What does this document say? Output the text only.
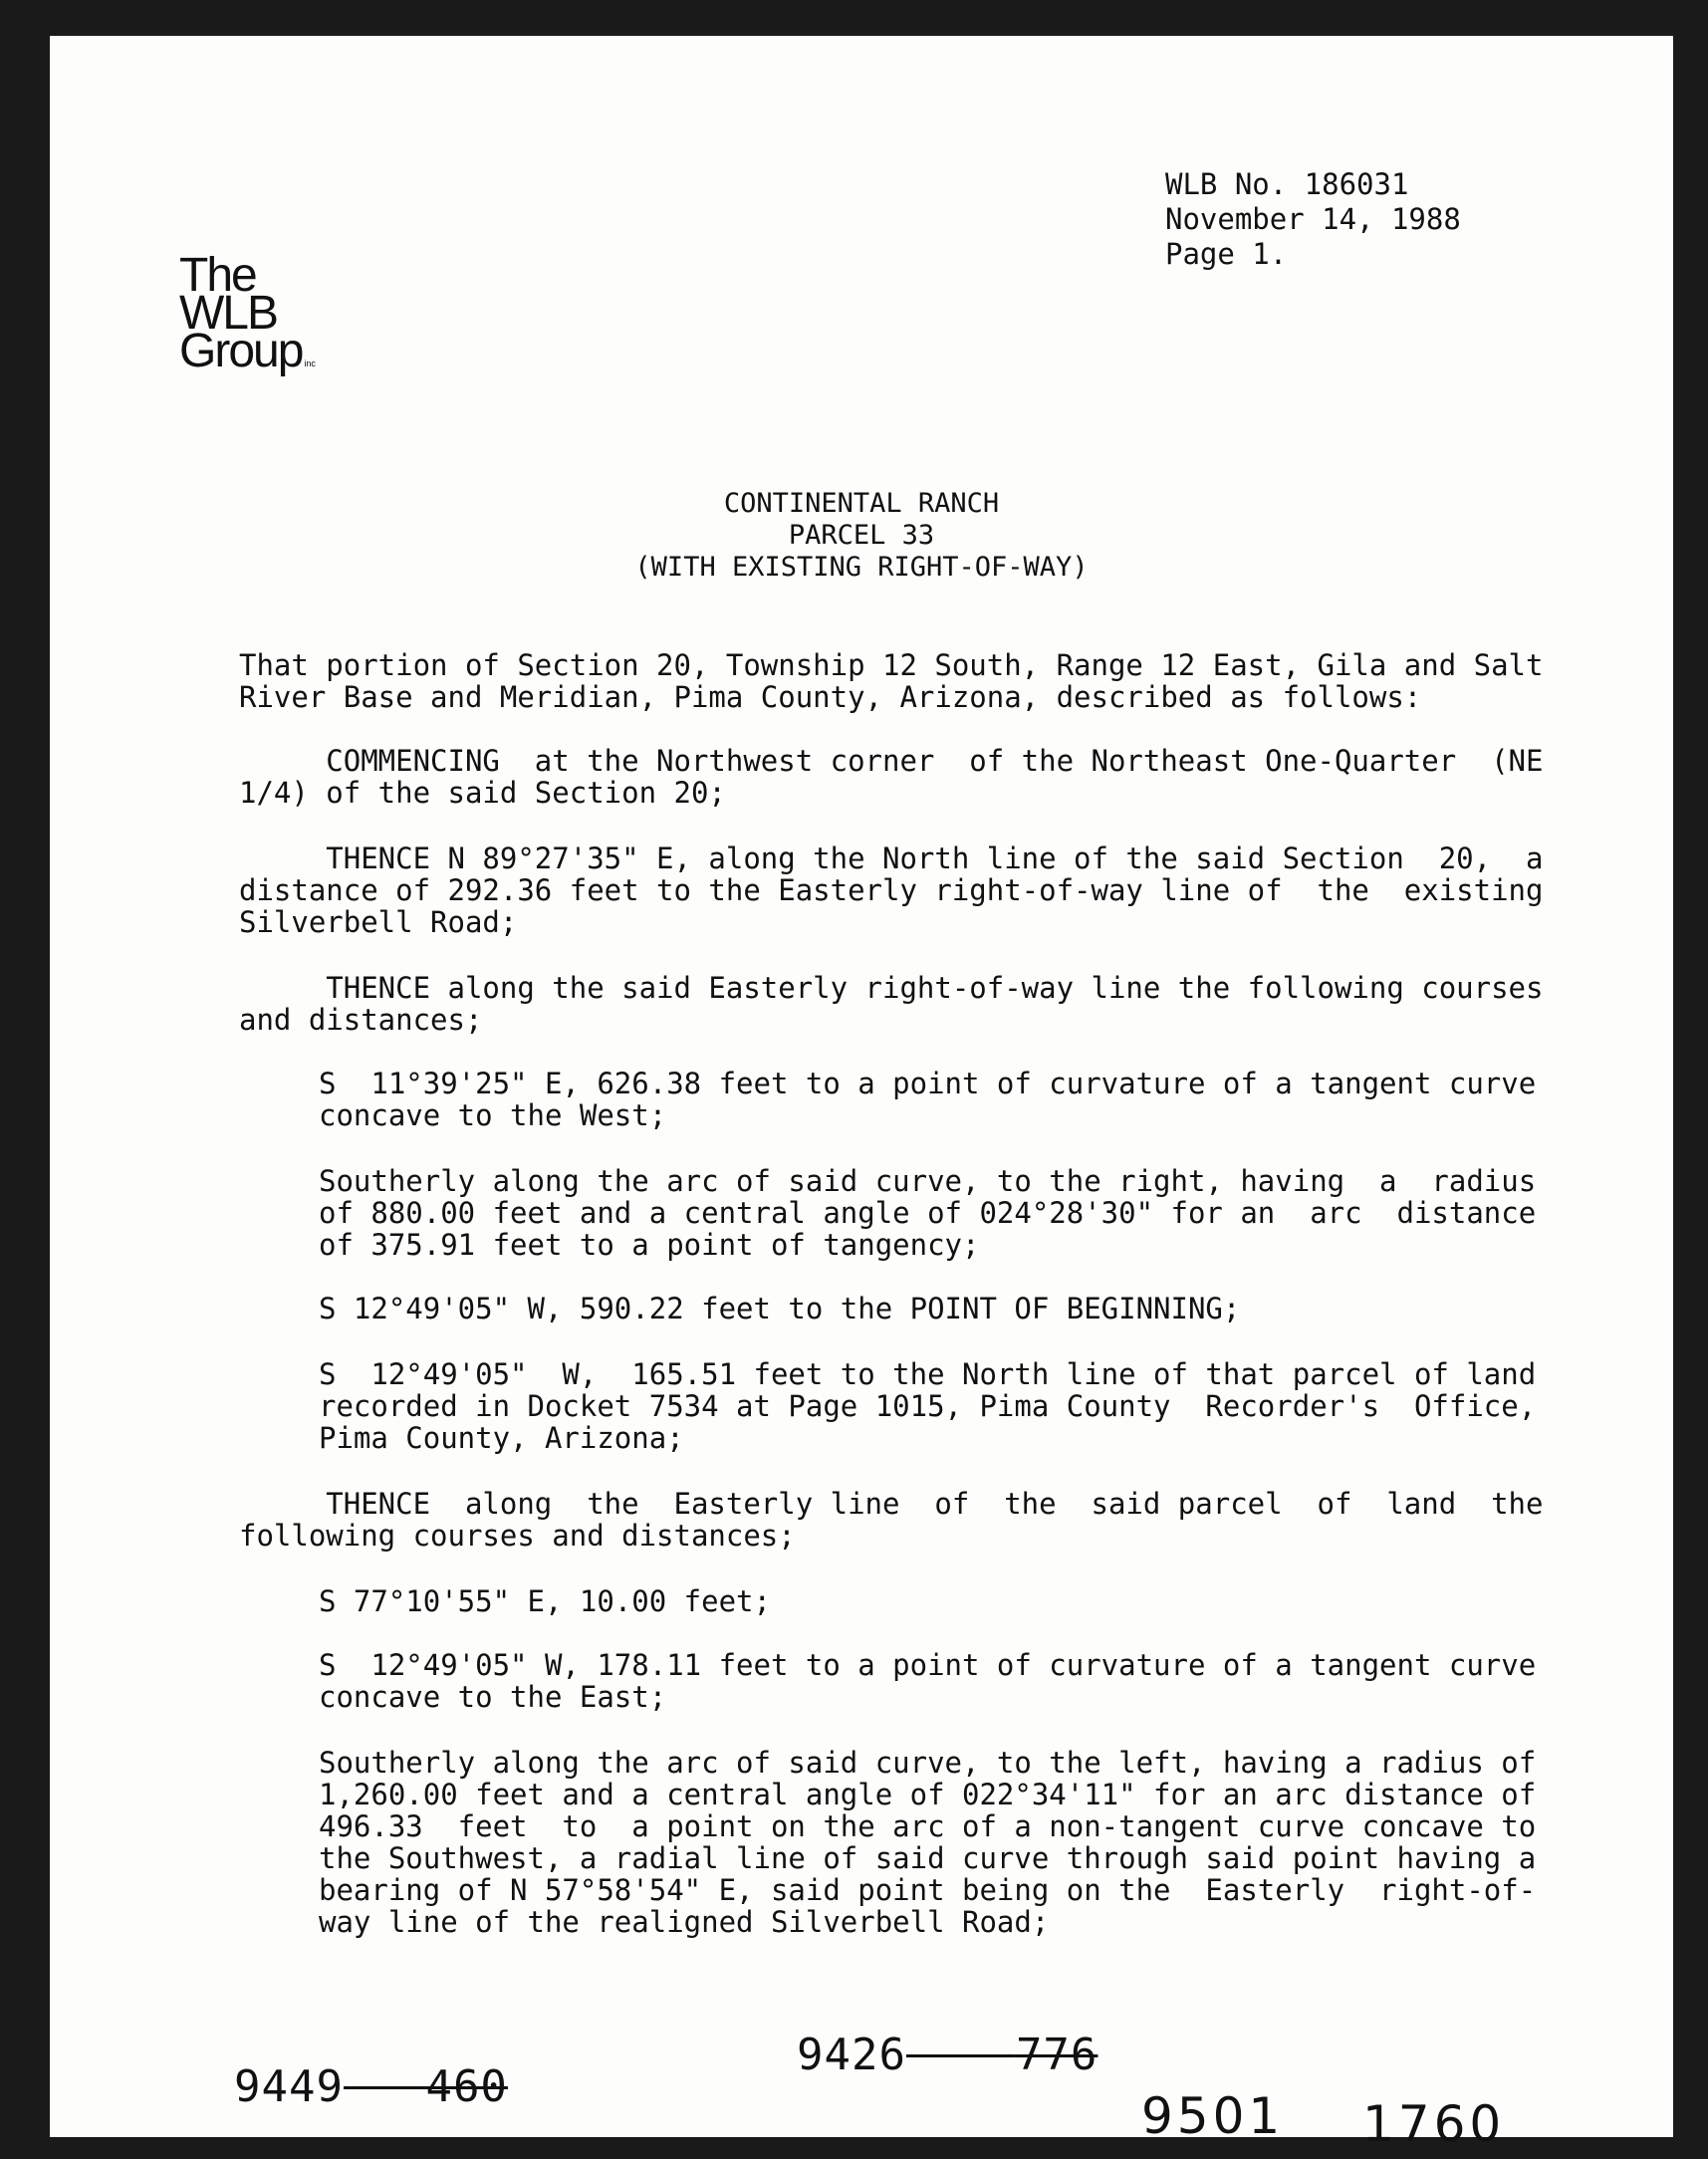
WLB No. 186031
November 14, 1988
Page 1.
The
WLB
Group inc
CONTINENTAL RANCH
PARCEL 33
(WITH EXISTING RIGHT-OF-WAY)
That portion of Section 20, Township 12 South, Range 12 East, Gila and Salt
River Base and Meridian, Pima County, Arizona, described as follows:
COMMENCING  at the Northwest corner  of the Northeast One-Quarter  (NE
1/4) of the said Section 20;
THENCE N 89°27'35" E, along the North line of the said Section  20,  a
distance of 292.36 feet to the Easterly right-of-way line of  the  existing
Silverbell Road;
THENCE along the said Easterly right-of-way line the following courses
and distances;
S  11°39'25" E, 626.38 feet to a point of curvature of a tangent curve
concave to the West;
Southerly along the arc of said curve, to the right, having  a  radius
of 880.00 feet and a central angle of 024°28'30" for an  arc  distance
of 375.91 feet to a point of tangency;
S 12°49'05" W, 590.22 feet to the POINT OF BEGINNING;
S  12°49'05"  W,  165.51 feet to the North line of that parcel of land
recorded in Docket 7534 at Page 1015, Pima County  Recorder's  Office,
Pima County, Arizona;
THENCE  along  the  Easterly line  of  the  said parcel  of  land  the
following courses and distances;
S 77°10'55" E, 10.00 feet;
S  12°49'05" W, 178.11 feet to a point of curvature of a tangent curve
concave to the East;
Southerly along the arc of said curve, to the left, having a radius of
1,260.00 feet and a central angle of 022°34'11" for an arc distance of
496.33  feet  to  a point on the arc of a non-tangent curve concave to
the Southwest, a radial line of said curve through said point having a
bearing of N 57°58'54" E, said point being on the  Easterly  right-of-
way line of the realigned Silverbell Road;
9449 460
9426 776
9501 1760
